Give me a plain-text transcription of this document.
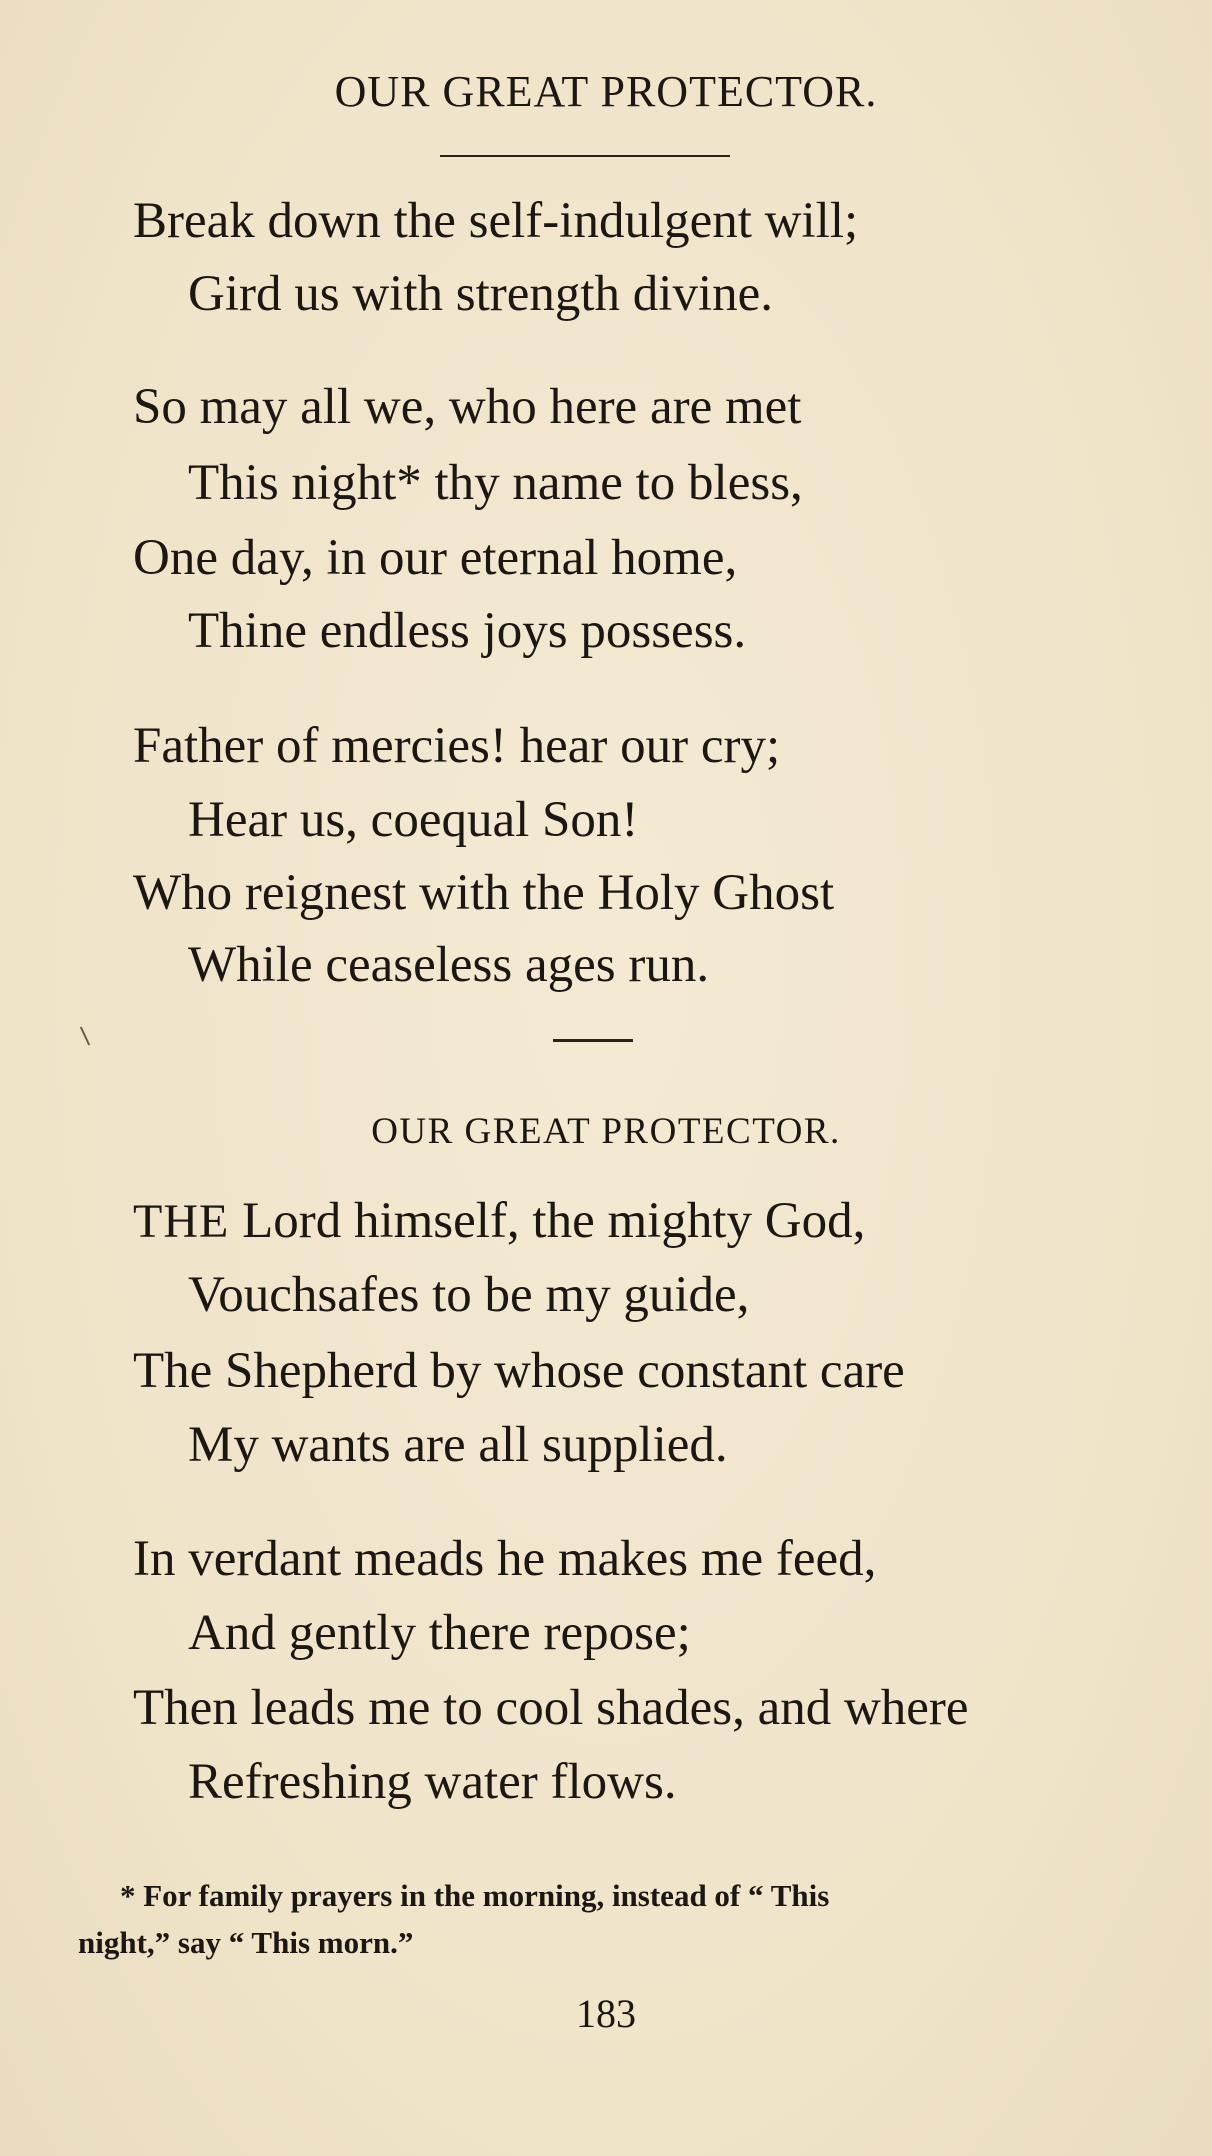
OUR GREAT PROTECTOR.
Break down the self-indulgent will;
Gird us with strength divine.
So may all we, who here are met
This night* thy name to bless,
One day, in our eternal home,
Thine endless joys possess.
Father of mercies! hear our cry;
Hear us, coequal Son!
Who reignest with the Holy Ghost
While ceaseless ages run.
OUR GREAT PROTECTOR.
THE Lord himself, the mighty God,
Vouchsafes to be my guide,
The Shepherd by whose constant care
My wants are all supplied.
In verdant meads he makes me feed,
And gently there repose;
Then leads me to cool shades, and where
Refreshing water flows.
* For family prayers in the morning, instead of “ This
night,” say “ This morn.”
183
